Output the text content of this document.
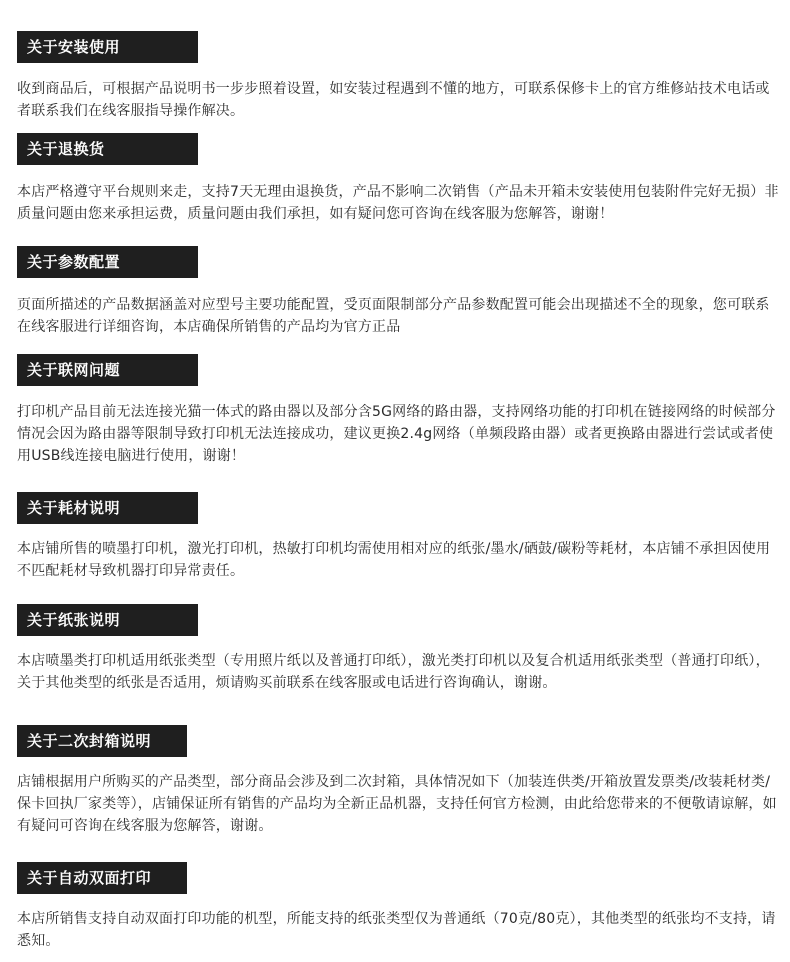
关于安装使用

收到商品后，可根据产品说明书一步步照着设置，如安装过程遇到不懂的地方，可联系保修卡上的官方维修站技术电话或者联系我们在线客服指导操作解决。

关于退换货

本店严格遵守平台规则来走，支持7天无理由退换货，产品不影响二次销售（产品未开箱未安装使用包装附件完好无损）非质量问题由您来承担运费，质量问题由我们承担，如有疑问您可咨询在线客服为您解答，谢谢！

关于参数配置

页面所描述的产品数据涵盖对应型号主要功能配置，受页面限制部分产品参数配置可能会出现描述不全的现象，您可联系在线客服进行详细咨询，本店确保所销售的产品均为官方正品

关于联网问题

打印机产品目前无法连接光猫一体式的路由器以及部分含5G网络的路由器，支持网络功能的打印机在链接网络的时候部分情况会因为路由器等限制导致打印机无法连接成功，建议更换2.4g网络（单频段路由器）或者更换路由器进行尝试或者使用USB线连接电脑进行使用，谢谢！

关于耗材说明

本店铺所售的喷墨打印机，激光打印机，热敏打印机均需使用相对应的纸张/墨水/硒鼓/碳粉等耗材，本店铺不承担因使用不匹配耗材导致机器打印异常责任。

关于纸张说明

本店喷墨类打印机适用纸张类型（专用照片纸以及普通打印纸），激光类打印机以及复合机适用纸张类型（普通打印纸），关于其他类型的纸张是否适用，烦请购买前联系在线客服或电话进行咨询确认，谢谢。

关于二次封箱说明

店铺根据用户所购买的产品类型，部分商品会涉及到二次封箱，具体情况如下（加装连供类/开箱放置发票类/改装耗材类/保卡回执厂家类等），店铺保证所有销售的产品均为全新正品机器，支持任何官方检测，由此给您带来的不便敬请谅解，如有疑问可咨询在线客服为您解答，谢谢。

关于自动双面打印

本店所销售支持自动双面打印功能的机型，所能支持的纸张类型仅为普通纸（70克/80克），其他类型的纸张均不支持，请悉知。
